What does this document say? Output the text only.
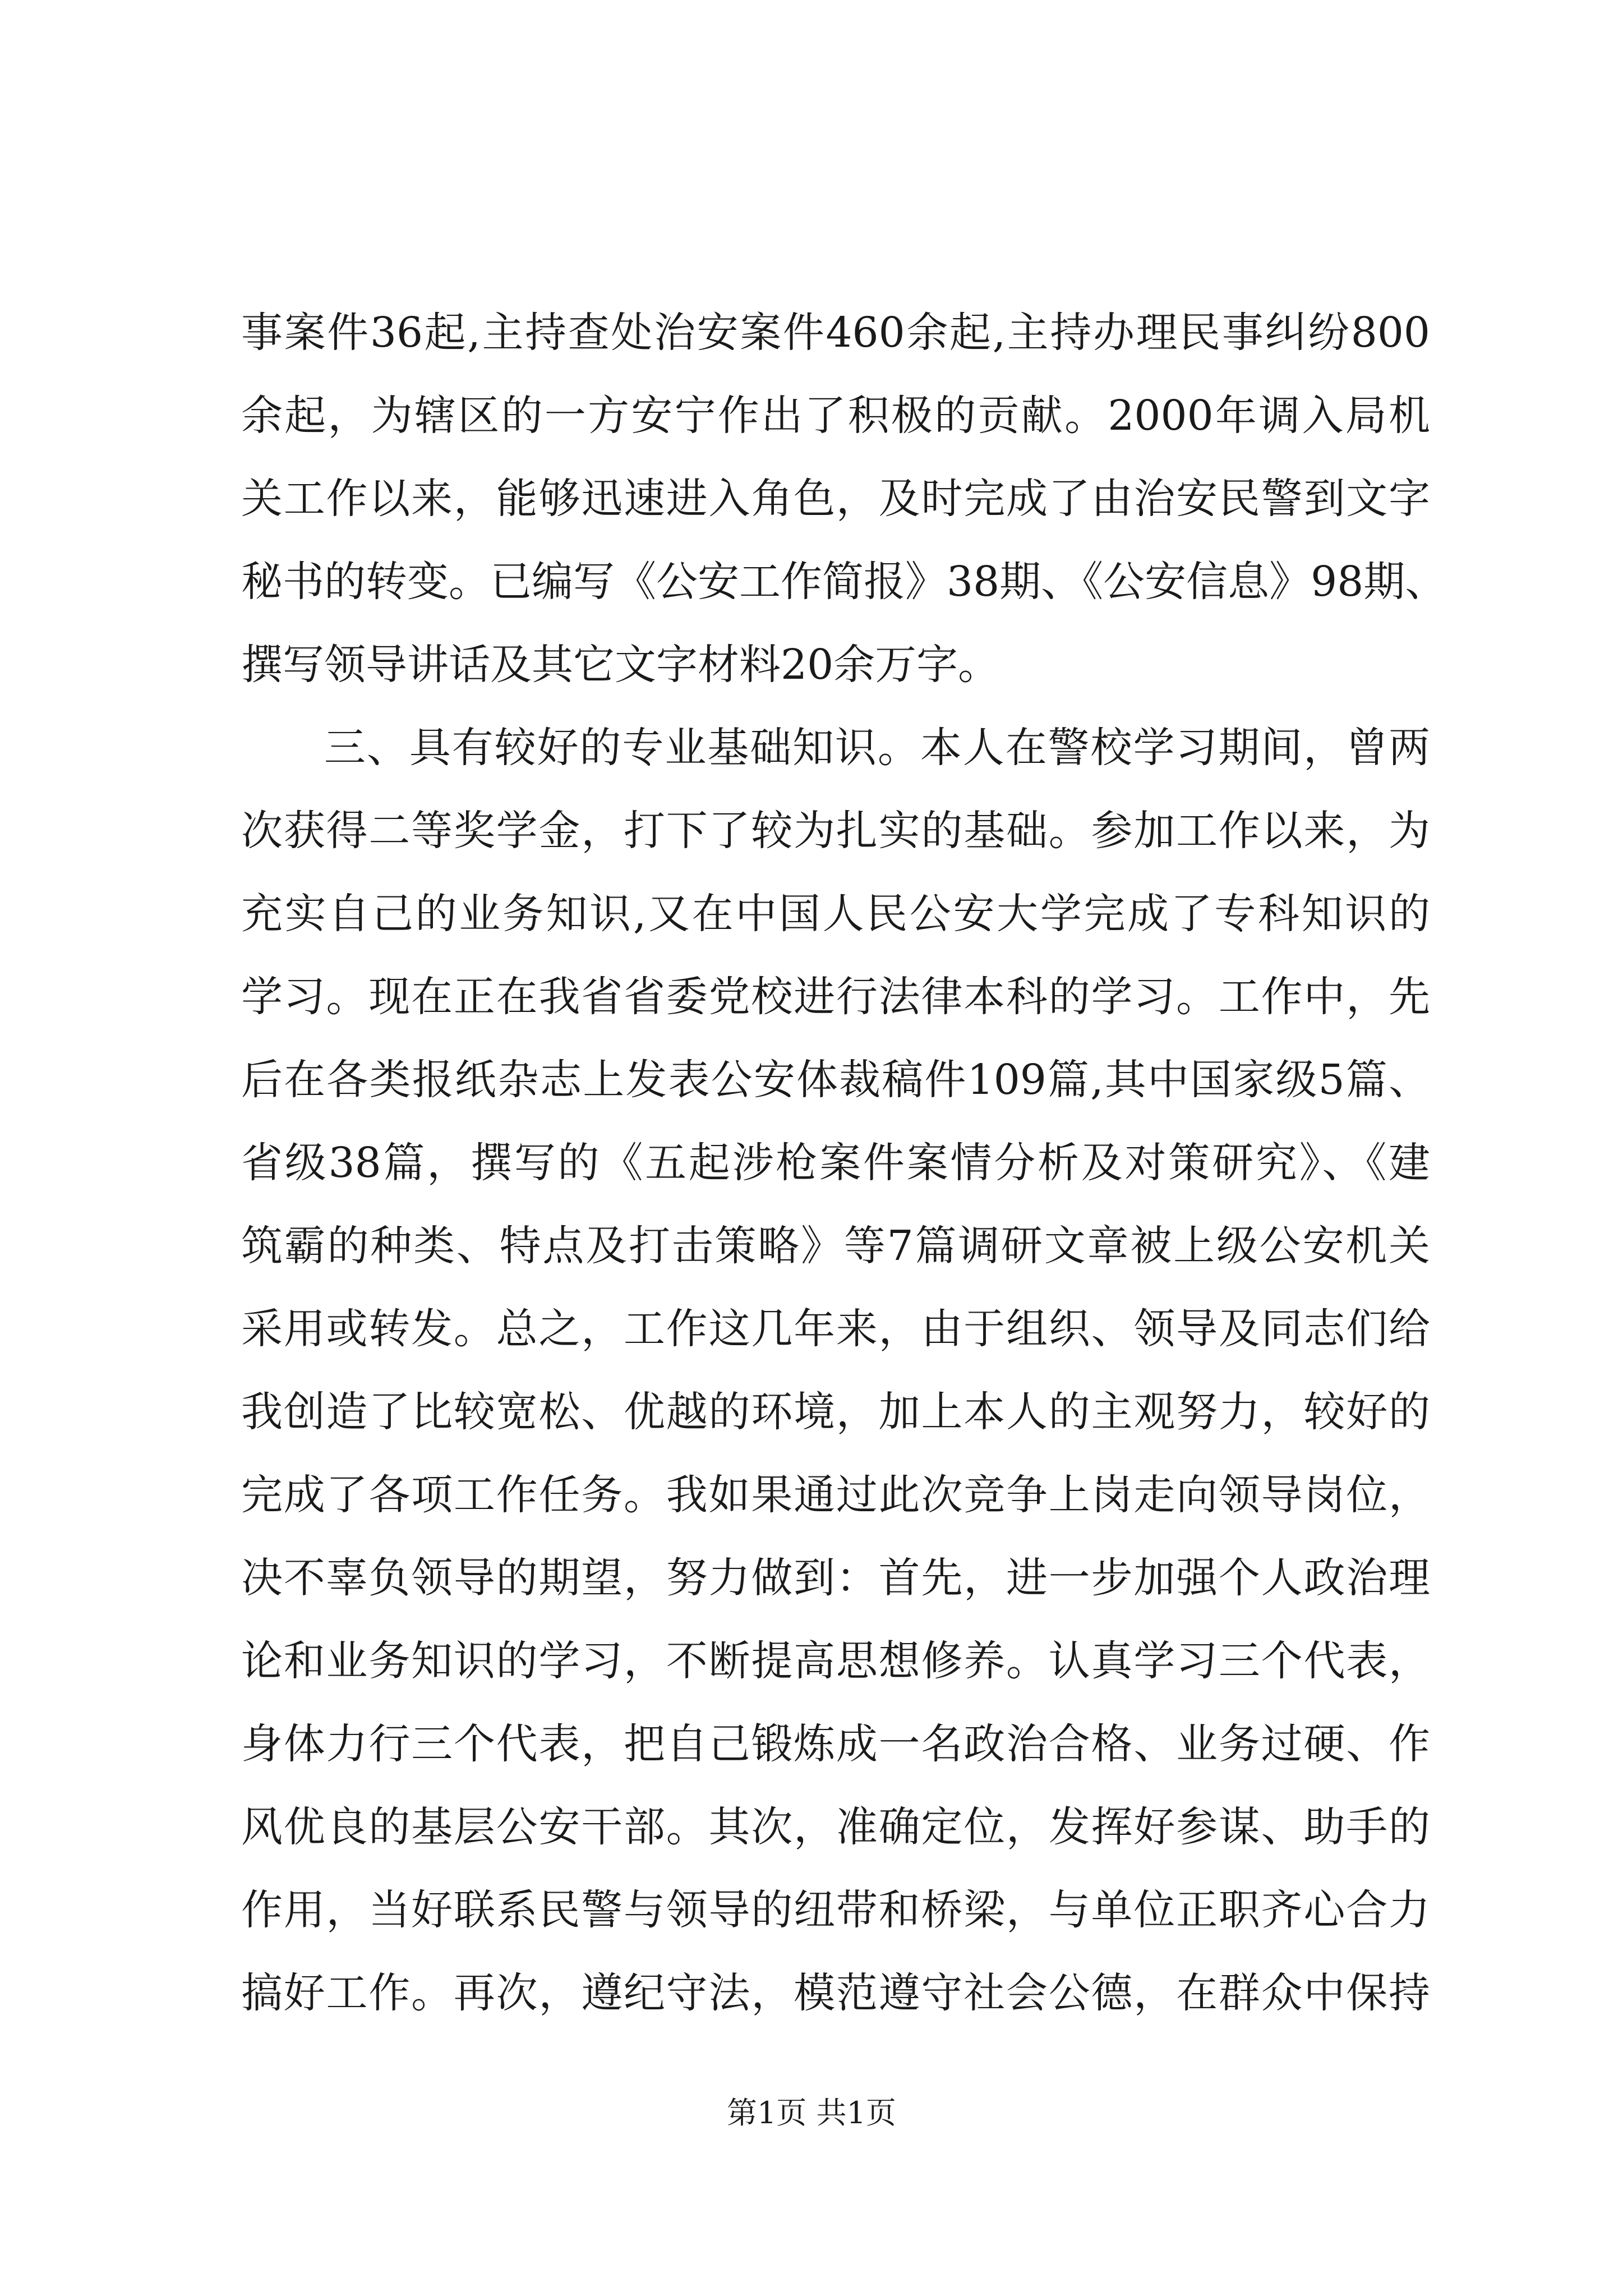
事案件36起,主持查处治安案件460余起,主持办理民事纠纷800
余起，为辖区的一方安宁作出了积极的贡献。2000年调入局机
关工作以来，能够迅速进入角色，及时完成了由治安民警到文字
秘书的转变。已编写《公安工作简报》38期、《公安信息》98期、
撰写领导讲话及其它文字材料20余万字。
三、具有较好的专业基础知识。本人在警校学习期间，曾两
次获得二等奖学金，打下了较为扎实的基础。参加工作以来，为
充实自己的业务知识,又在中国人民公安大学完成了专科知识的
学习。现在正在我省省委党校进行法律本科的学习。工作中，先
后在各类报纸杂志上发表公安体裁稿件109篇,其中国家级5篇、
省级38篇，撰写的《五起涉枪案件案情分析及对策研究》、《建
筑霸的种类、特点及打击策略》等7篇调研文章被上级公安机关
采用或转发。总之，工作这几年来，由于组织、领导及同志们给
我创造了比较宽松、优越的环境，加上本人的主观努力，较好的
完成了各项工作任务。我如果通过此次竞争上岗走向领导岗位，
决不辜负领导的期望，努力做到：首先，进一步加强个人政治理
论和业务知识的学习，不断提高思想修养。认真学习三个代表，
身体力行三个代表，把自己锻炼成一名政治合格、业务过硬、作
风优良的基层公安干部。其次，准确定位，发挥好参谋、助手的
作用，当好联系民警与领导的纽带和桥梁，与单位正职齐心合力
搞好工作。再次，遵纪守法，模范遵守社会公德，在群众中保持
第1页 共1页
